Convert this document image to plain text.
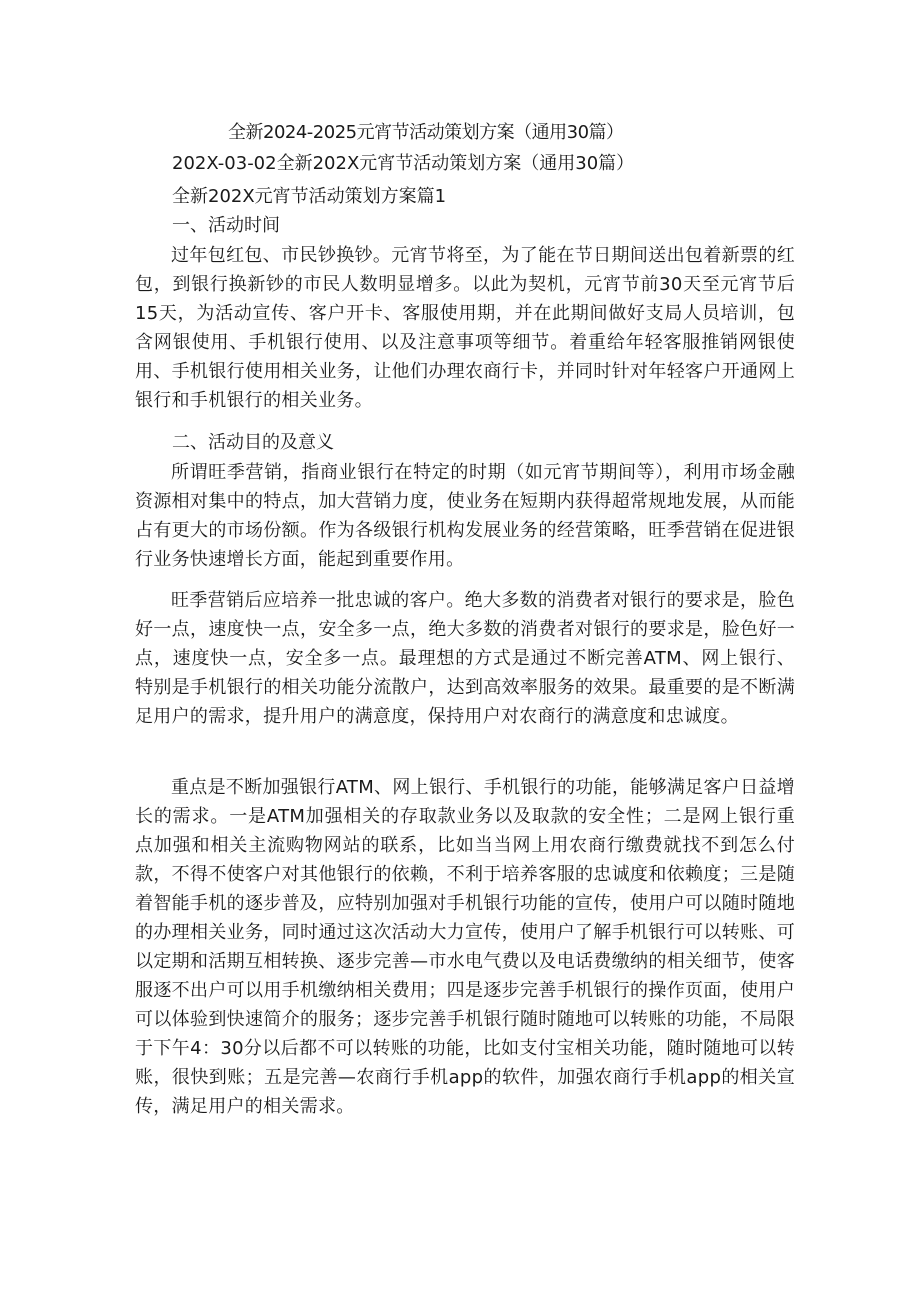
全新2024-2025元宵节活动策划方案（通用30篇）
202X-03-02全新202X元宵节活动策划方案（通用30篇）
全新202X元宵节活动策划方案篇1
一、活动时间
过年包红包、市民钞换钞。元宵节将至，为了能在节日期间送出包着新票的红包，到银行换新钞的市民人数明显增多。以此为契机，元宵节前30天至元宵节后15天，为活动宣传、客户开卡、客服使用期，并在此期间做好支局人员培训，包含网银使用、手机银行使用、以及注意事项等细节。着重给年轻客服推销网银使用、手机银行使用相关业务，让他们办理农商行卡，并同时针对年轻客户开通网上银行和手机银行的相关业务。
二、活动目的及意义
所谓旺季营销，指商业银行在特定的时期（如元宵节期间等），利用市场金融资源相对集中的特点，加大营销力度，使业务在短期内获得超常规地发展，从而能占有更大的市场份额。作为各级银行机构发展业务的经营策略，旺季营销在促进银行业务快速增长方面，能起到重要作用。
旺季营销后应培养一批忠诚的客户。绝大多数的消费者对银行的要求是，脸色好一点，速度快一点，安全多一点，绝大多数的消费者对银行的要求是，脸色好一点，速度快一点，安全多一点。最理想的方式是通过不断完善ATM、网上银行、特别是手机银行的相关功能分流散户，达到高效率服务的效果。最重要的是不断满足用户的需求，提升用户的满意度，保持用户对农商行的满意度和忠诚度。
重点是不断加强银行ATM、网上银行、手机银行的功能，能够满足客户日益增长的需求。一是ATM加强相关的存取款业务以及取款的安全性；二是网上银行重点加强和相关主流购物网站的联系，比如当当网上用农商行缴费就找不到怎么付款，不得不使客户对其他银行的依赖，不利于培养客服的忠诚度和依赖度；三是随着智能手机的逐步普及，应特别加强对手机银行功能的宣传，使用户可以随时随地的办理相关业务，同时通过这次活动大力宣传，使用户了解手机银行可以转账、可以定期和活期互相转换、逐步完善—市水电气费以及电话费缴纳的相关细节，使客服逐不出户可以用手机缴纳相关费用；四是逐步完善手机银行的操作页面，使用户可以体验到快速简介的服务；逐步完善手机银行随时随地可以转账的功能，不局限于下午4：30分以后都不可以转账的功能，比如支付宝相关功能，随时随地可以转账，很快到账；五是完善—农商行手机app的软件，加强农商行手机app的相关宣传，满足用户的相关需求。
